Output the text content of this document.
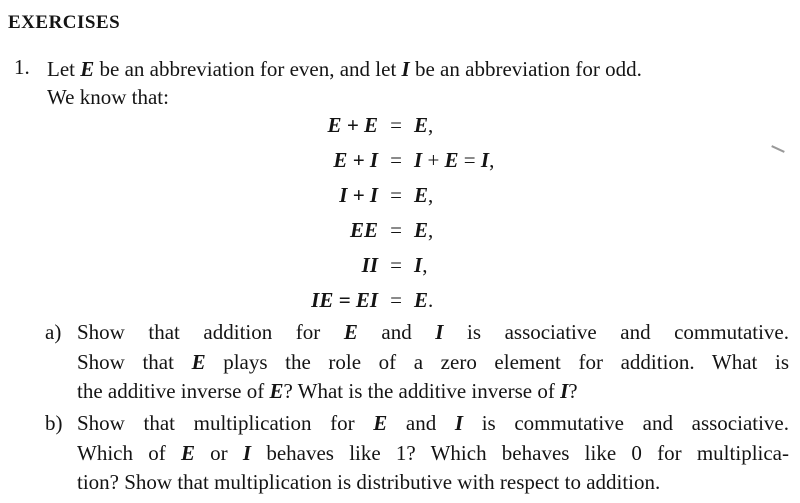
EXERCISES
1. Let E be an abbreviation for even, and let I be an abbreviation for odd.
We know that:
E + E = E,
E + I = I + E = I,
I + I = E,
EE = E,
II = I,
IE = EI = E.
a) Show that addition for E and I is associative and commutative.
Show that E plays the role of a zero element for addition. What is
the additive inverse of E? What is the additive inverse of I?
b) Show that multiplication for E and I is commutative and associative.
Which of E or I behaves like 1? Which behaves like 0 for multiplica-
tion? Show that multiplication is distributive with respect to addition.
